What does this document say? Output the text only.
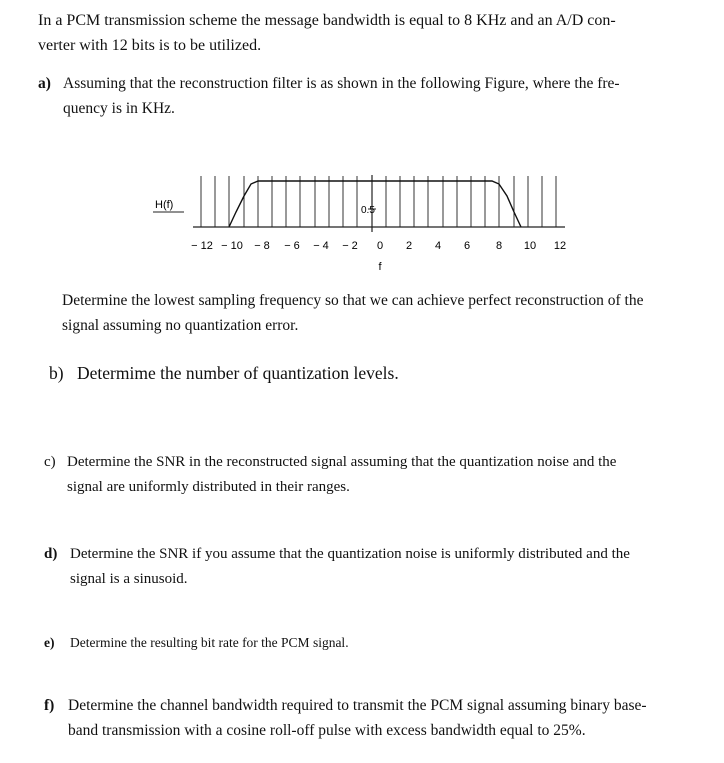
In a PCM transmission scheme the message bandwidth is equal to 8 KHz and an A/D con-
verter with 12 bits is to be utilized.
a) Assuming that the reconstruction filter is as shown in the following Figure, where the fre-
quency is in KHz.
H(f)	0.5
− 12 − 10 − 8 − 6 − 4 − 2 0 2 4 6 8 10 12
f
Determine the lowest sampling frequency so that we can achieve perfect reconstruction of the
signal assuming no quantization error.
b) Determime the number of quantization levels.
c) Determine the SNR in the reconstructed signal assuming that the quantization noise and the
signal are uniformly distributed in their ranges.
d) Determine the SNR if you assume that the quantization noise is uniformly distributed and the
signal is a sinusoid.
e) Determine the resulting bit rate for the PCM signal.
f) Determine the channel bandwidth required to transmit the PCM signal assuming binary base-
band transmission with a cosine roll-off pulse with excess bandwidth equal to 25%.
